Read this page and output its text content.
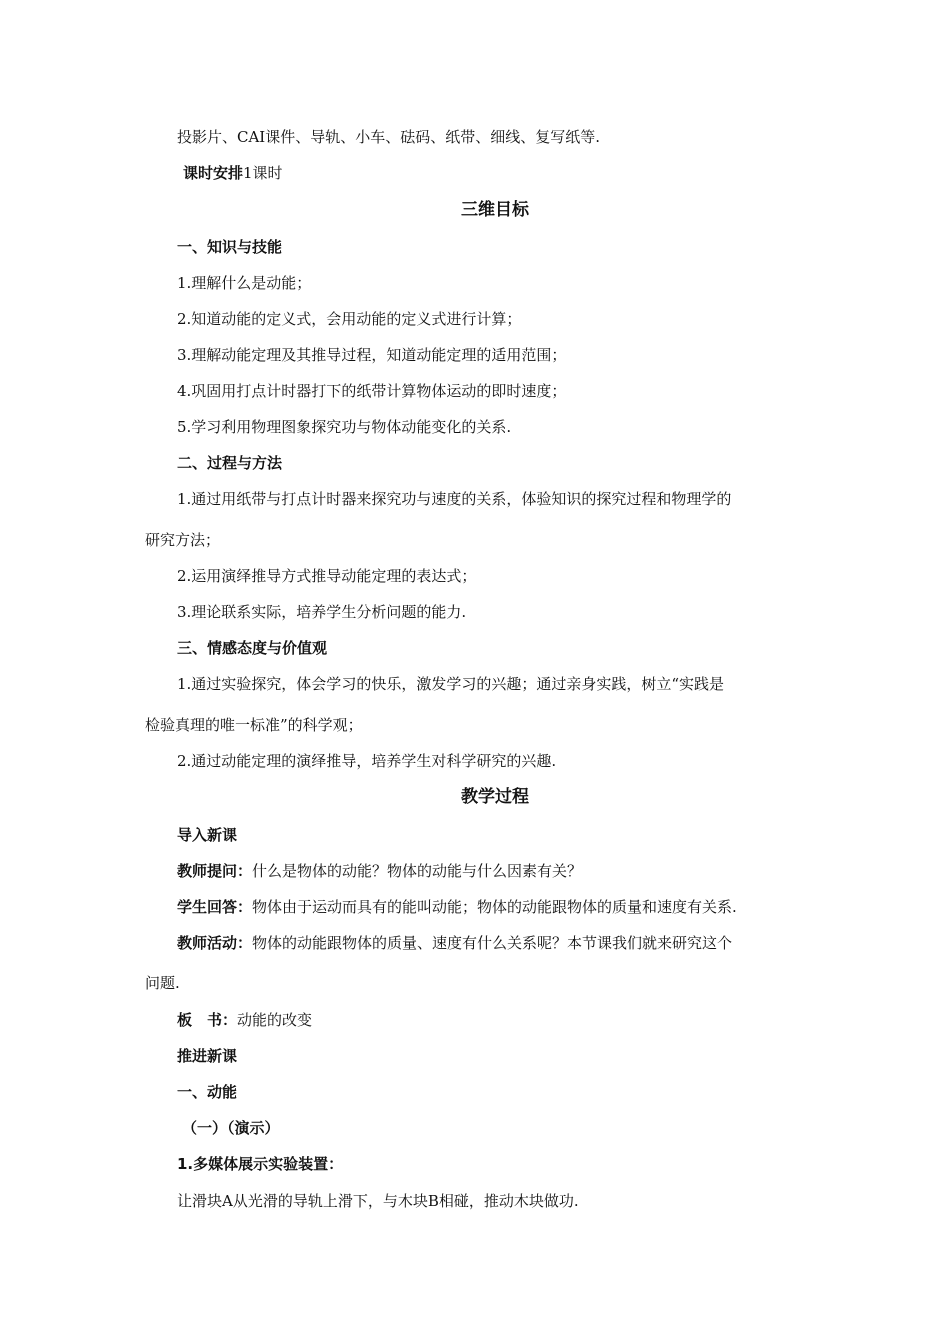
投影片、CAI课件、导轨、小车、砝码、纸带、细线、复写纸等.
课时安排1课时
三维目标
一、知识与技能
1.理解什么是动能；
2.知道动能的定义式，会用动能的定义式进行计算；
3.理解动能定理及其推导过程，知道动能定理的适用范围；
4.巩固用打点计时器打下的纸带计算物体运动的即时速度；
5.学习利用物理图象探究功与物体动能变化的关系.
二、过程与方法
1.通过用纸带与打点计时器来探究功与速度的关系，体验知识的探究过程和物理学的
研究方法；
2.运用演绎推导方式推导动能定理的表达式；
3.理论联系实际，培养学生分析问题的能力.
三、情感态度与价值观
1.通过实验探究，体会学习的快乐，激发学习的兴趣；通过亲身实践，树立“实践是
检验真理的唯一标准”的科学观；
2.通过动能定理的演绎推导，培养学生对科学研究的兴趣.
教学过程
导入新课
教师提问：什么是物体的动能？物体的动能与什么因素有关？
学生回答：物体由于运动而具有的能叫动能；物体的动能跟物体的质量和速度有关系.
教师活动：物体的动能跟物体的质量、速度有什么关系呢？本节课我们就来研究这个
问题.
板　书：动能的改变
推进新课
一、动能
（一）（演示）
1.多媒体展示实验装置：
让滑块A从光滑的导轨上滑下，与木块B相碰，推动木块做功.
